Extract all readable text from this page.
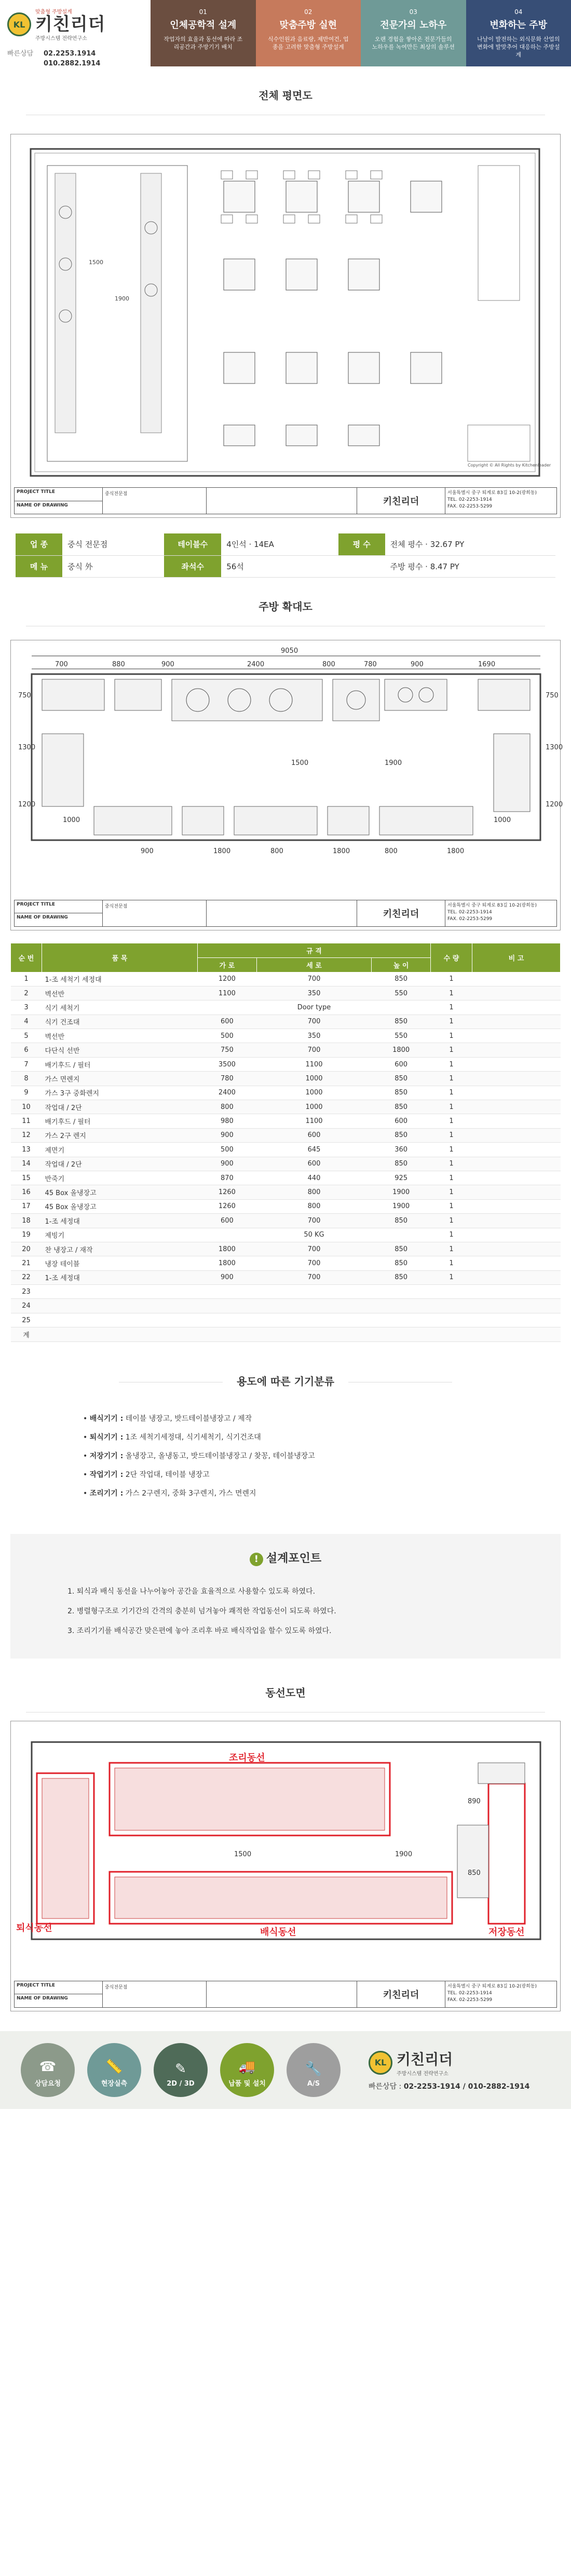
KL
맞춤형 주방설계
키친리더
주방시스템 전략연구소
빠른상담 02.2253.1914
010.2882.1914
01
인체공학적 설계
작업자의 효율과 동선에 따라 조리공간과 주방기기 배치
02
맞춤주방 실현
식수인원과 음료량, 제반여건, 업종을 고려한 맞춤형 주방설계
03
전문가의 노하우
오랜 경험을 쌓아온 전문가들의 노하우를 녹여만든 최상의 솔루션
04
변화하는 주방
나날이 발전하는 외식문화 산업의 변화에 발맞추어 대응하는 주방설계
전체 평면도
1900
1500
Copyright © All Rights by Kitchenleader
PROJECT TITLE
NAME OF DRAWING
중식전문점
키친리더
서울특별시 중구 퇴계로 83길 10-2(광희동)
TEL. 02-2253-1914
FAX. 02-2253-5299
업 종	중식 전문점	테이블수	4인석 · 14EA	평 수	전체 평수 · 32.67 PY
메 뉴	중식 外	좌석수	56석		주방 평수 · 8.47 PY
주방 확대도
9050
700	880	900	2400	800	780	900	1690
1000
900	1800	800	1800	800	1800
1000
750
1300
1200
750
1300
1200
1500	1900
PROJECT TITLE
NAME OF DRAWING
중식전문점
키친리더
서울특별시 중구 퇴계로 83길 10-2(광희동)
TEL. 02-2253-1914
FAX. 02-2253-5299
순 번	품 목	규 격			수 량	비 고
		가 로	세 로	높 이		
1	1-조 세척기 세정대	1200	700	850	1	
2	벽선반	1100	350	550	1	
3	식기 세척기		Door type		1	
4	식기 건조대	600	700	850	1	
5	벽선반	500	350	550	1	
6	다단식 선반	750	700	1800	1	
7	배기후드 / 필터	3500	1100	600	1	
8	가스 면렌지	780	1000	850	1	
9	가스 3구 중화렌지	2400	1000	850	1	
10	작업대 / 2단	800	1000	850	1	
11	배기후드 / 필터	980	1100	600	1	
12	가스 2구 렌지	900	600	850	1	
13	제면기	500	645	360	1	
14	작업대 / 2단	900	600	850	1	
15	반죽기	870	440	925	1	
16	45 Box 올냉장고	1260	800	1900	1	
17	45 Box 올냉장고	1260	800	1900	1	
18	1-조 세정대	600	700	850	1	
19	제빙기		50 KG		1	
20	찬 냉장고 / 재작	1800	700	850	1	
21	냉장 테이블	1800	700	850	1	
22	1-조 세정대	900	700	850	1	
23						
24						
25						
계						
용도에 따른 기기분류
• 배식기기 : 테이블 냉장고, 밧드테이블냉장고 / 제작
• 퇴식기기 : 1조 세척기세정대, 식기세척기, 식기건조대
• 저장기기 : 올냉장고, 올냉동고, 밧드테이블냉장고 / 찾꽁, 테이블냉장고
• 작업기기 : 2단 작업대, 테이블 냉장고
• 조리기기 : 가스 2구렌지, 중화 3구렌지, 가스 면렌지
! 설계포인트
1. 퇴식과 배식 동선을 나누어놓아 공간을 효율적으로 사용할수 있도록 하였다.
2. 병렬형구조로 기기간의 간격의 충분히 넘겨놓아 쾌적한 작업동선이 되도록 하였다.
3. 조리기기를 배식공간 맞은편에 놓아 조리후 바로 배식작업을 할수 있도록 하였다.
동선도면
조리동선
퇴식동선	배식동선	저장동선
1500	1900
890
850
PROJECT TITLE
NAME OF DRAWING
중식전문점
키친리더
서울특별시 중구 퇴계로 83길 10-2(광희동)
TEL. 02-2253-1914
FAX. 02-2253-5299
☎
상담요청
📏
현장실측
✎
2D / 3D
🚚
납품 및 설치
🔧
A/S
KL 키친리더
주방시스템 전략연구소
빠른상담 : 02-2253-1914 / 010-2882-1914
